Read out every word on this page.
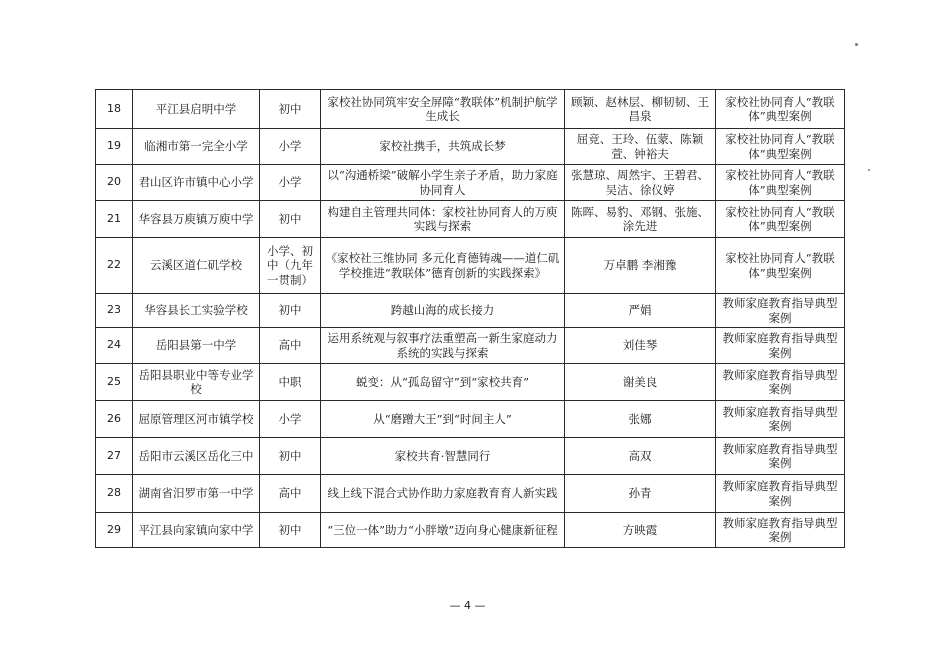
18	平江县启明中学	初中	家校社协同筑牢安全屏障“教联体”机制护航学生成长	顾颖、赵林层、柳韧韧、王昌泉	家校社协同育人“教联体”典型案例
19	临湘市第一完全小学	小学	家校社携手，共筑成长梦	屈竞、王玲、伍蒙、陈颖萱、钟裕夫	家校社协同育人“教联体”典型案例
20	君山区许市镇中心小学	小学	以“沟通桥梁”破解小学生亲子矛盾，助力家庭协同育人	张慧琼、周然宇、王碧君、吴洁、徐仪婷	家校社协同育人“教联体”典型案例
21	华容县万庾镇万庾中学	初中	构建自主管理共同体：家校社协同育人的万庾实践与探索	陈晖、易豹、邓钢、张施、涂先进	家校社协同育人“教联体”典型案例
22	云溪区道仁矶学校	小学、初中（九年一贯制）	《家校社三维协同 多元化育德铸魂——道仁矶学校推进“教联体”德育创新的实践探索》	万卓鹏 李湘豫	家校社协同育人“教联体”典型案例
23	华容县长工实验学校	初中	跨越山海的成长接力	严娟	教师家庭教育指导典型案例
24	岳阳县第一中学	高中	运用系统观与叙事疗法重塑高一新生家庭动力系统的实践与探索	刘佳琴	教师家庭教育指导典型案例
25	岳阳县职业中等专业学校	中职	蜕变：从“孤岛留守”到“家校共育”	谢美良	教师家庭教育指导典型案例
26	屈原管理区河市镇学校	小学	从“磨蹭大王”到“时间主人”	张娜	教师家庭教育指导典型案例
27	岳阳市云溪区岳化三中	初中	家校共育·智慧同行	高双	教师家庭教育指导典型案例
28	湖南省汨罗市第一中学	高中	线上线下混合式协作助力家庭教育育人新实践	孙青	教师家庭教育指导典型案例
29	平江县向家镇向家中学	初中	“三位一体”助力“小胖墩”迈向身心健康新征程	方映霞	教师家庭教育指导典型案例
— 4 —
